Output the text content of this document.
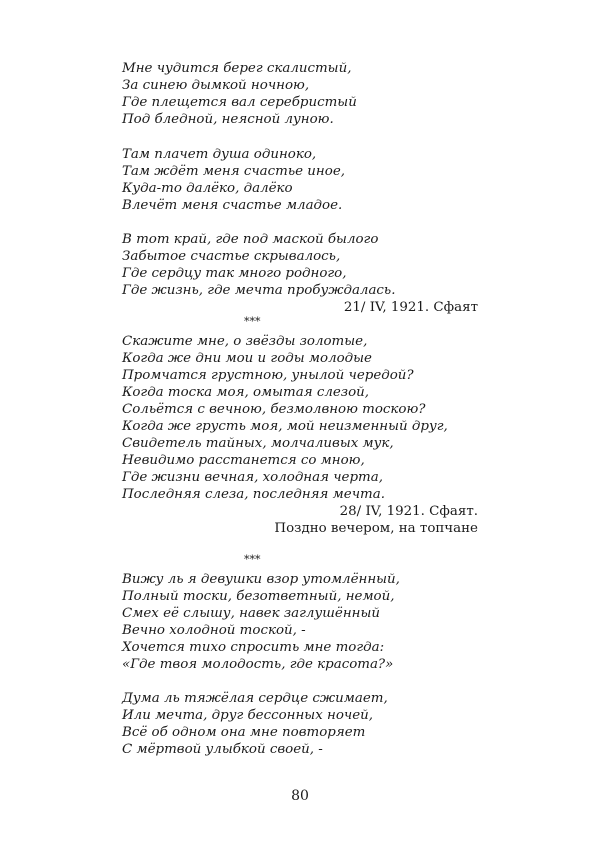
Мне чудится берег скалистый,
За синею дымкой ночною,
Где плещется вал серебристый
Под бледной, неясной луною.
Там плачет душа одиноко,
Там ждёт меня счастье иное,
Куда-то далёко, далёко
Влечёт меня счастье младое.
В тот край, где под маской былого
Забытое счастье скрывалось,
Где сердцу так много родного,
Где жизнь, где мечта пробуждалась.
21/ IV, 1921. Сфаят
***
Скажите мне, о звёзды золотые,
Когда же дни мои и годы молодые
Промчатся грустною, унылой чередой?
Когда тоска моя, омытая слезой,
Сольётся с вечною, безмолвною тоскою?
Когда же грусть моя, мой неизменный друг,
Свидетель тайных, молчаливых мук,
Невидимо расстанется со мною,
Где жизни вечная, холодная черта,
Последняя слеза, последняя мечта.
28/ IV, 1921. Сфаят.
Поздно вечером, на топчане
***
Вижу ль я девушки взор утомлённый,
Полный тоски, безответный, немой,
Смех её слышу, навек заглушённый
Вечно холодной тоской, -
Хочется тихо спросить мне тогда:
«Где твоя молодость, где красота?»
Дума ль тяжёлая сердце сжимает,
Или мечта, друг бессонных ночей,
Всё об одном она мне повторяет
С мёртвой улыбкой своей, -
80
